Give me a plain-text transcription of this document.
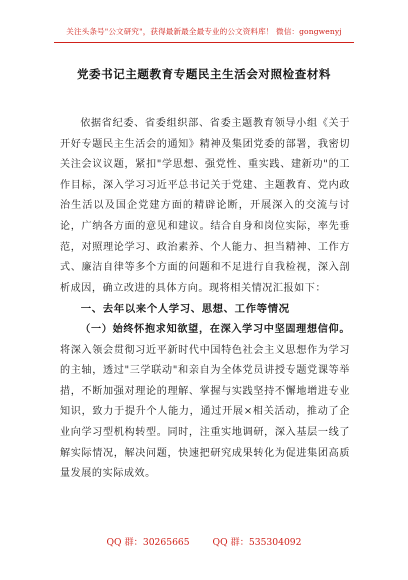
关注头条号"公文研究"，获得最新最全最专业的公文资料库！ 微信：gongwenyj
党委书记主题教育专题民主生活会对照检查材料

依据省纪委、省委组织部、省委主题教育领导小组《关于开好专题民主生活会的通知》精神及集团党委的部署，我密切关注会议议题，紧扣"学思想、强党性、重实践、建新功"的工作目标，深入学习习近平总书记关于党建、主题教育、党内政治生活以及国企党建方面的精辟论断，开展深入的交流与讨论，广纳各方面的意见和建议。结合自身和岗位实际，率先垂范，对照理论学习、政治素养、个人能力、担当精神、工作方式、廉洁自律等多个方面的问题和不足进行自我检视，深入剖析成因，确立改进的具体方向。现将相关情况汇报如下：

一、去年以来个人学习、思想、工作等情况

（一）始终怀抱求知欲望，在深入学习中坚固理想信仰。将深入领会贯彻习近平新时代中国特色社会主义思想作为学习的主轴，透过"三学联动"和亲自为全体党员讲授专题党课等举措，不断加强对理论的理解、掌握与实践坚持不懈地增进专业知识，致力于提升个人能力，通过开展×相关活动，推动了企业向学习型机构转型。同时，注重实地调研，深入基层一线了解实际情况，解决问题，快速把研究成果转化为促进集团高质量发展的实际成效。

QQ 群：30265665 QQ 群：535304092
